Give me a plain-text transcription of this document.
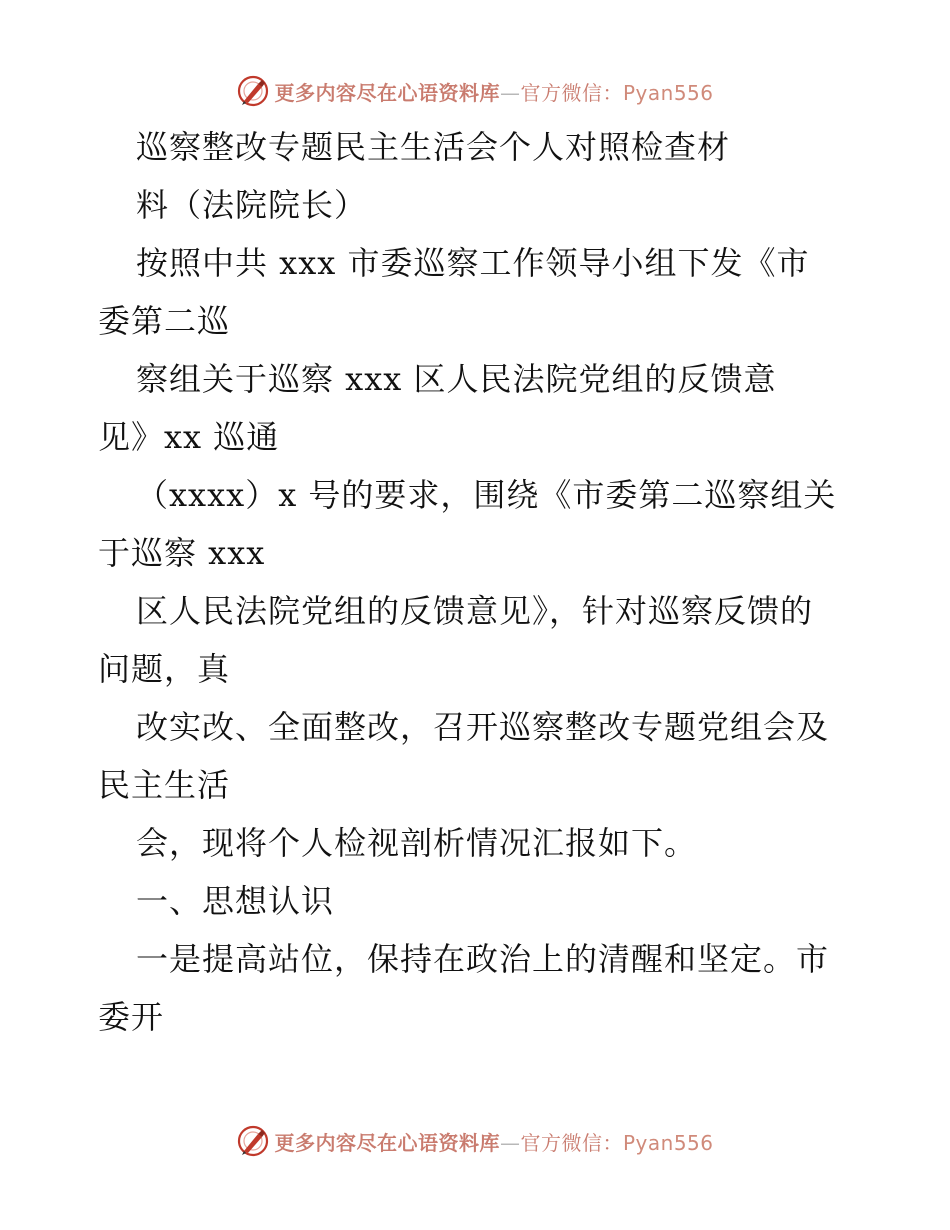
更多内容尽在心语资料库—官方微信：Pyan556
巡察整改专题民主生活会个人对照检查材
料（法院院长）
按照中共 xxx 市委巡察工作领导小组下发《市
委第二巡
察组关于巡察 xxx 区人民法院党组的反馈意
见》xx 巡通
（xxxx）x 号的要求，围绕《市委第二巡察组关
于巡察 xxx
区人民法院党组的反馈意见》，针对巡察反馈的
问题，真
改实改、全面整改，召开巡察整改专题党组会及
民主生活
会，现将个人检视剖析情况汇报如下。
一、思想认识
一是提高站位，保持在政治上的清醒和坚定。市
委开
更多内容尽在心语资料库—官方微信：Pyan556
